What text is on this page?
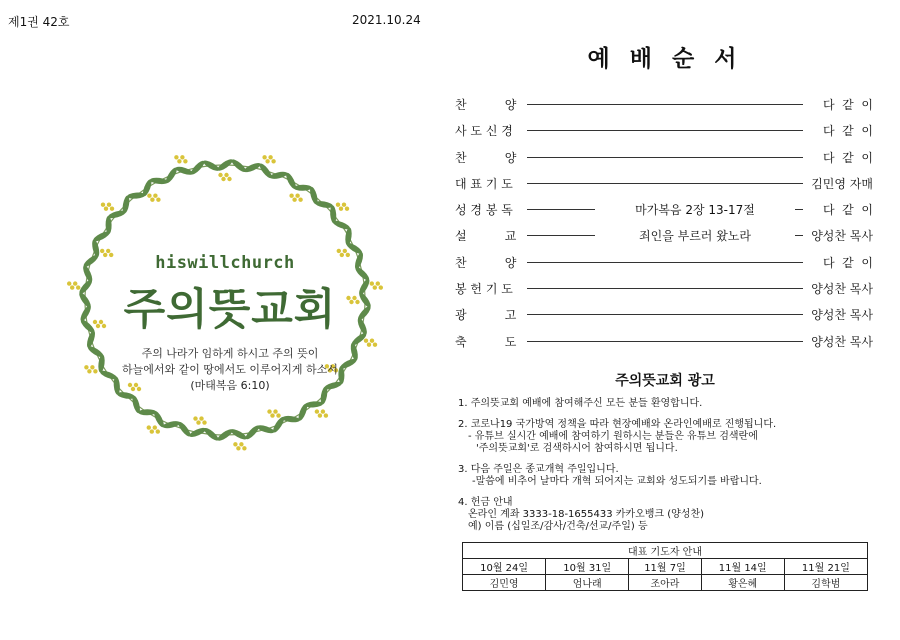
제1권 42호	2021.10.24
hiswillchurch
주의뜻교회
주의 나라가 임하게 하시고 주의 뜻이
하늘에서와 같이 땅에서도 이루어지게 하소서
(마태복음 6:10)
예 배 순 서
찬          양	다  같  이
사 도 신 경	다  같  이
찬          양	다  같  이
대 표 기 도	김민영 자매
성 경 봉 독	마가복음 2장 13-17절	다  같  이
설          교	죄인을 부르러 왔노라	양성찬 목사
찬          양	다  같  이
봉 헌 기 도	양성찬 목사
광          고	양성찬 목사
축          도	양성찬 목사
주의뜻교회 광고
1. 주의뜻교회 예배에 참여해주신 모든 분들 환영합니다.
2. 코로나19 국가방역 정책을 따라 현장예배와 온라인예배로 진행됩니다.
- 유튜브 실시간 예배에 참여하기 원하시는 분들은 유튜브 검색란에
'주의뜻교회'로 검색하시어 참여하시면 됩니다.
3. 다음 주일은 종교개혁 주일입니다.
-말씀에 비추어 날마다 개혁 되어지는 교회와 성도되기를 바랍니다.
4. 헌금 안내
온라인 계좌 3333-18-1655433 카카오뱅크 (양성찬)
예) 이름 (십일조/감사/건축/선교/주일) 등
대표 기도자 안내				
10월 24일	10월 31일	11월 7일	11월 14일	11월 21일
김민영	엄나래	조아라	황은혜	김학범
